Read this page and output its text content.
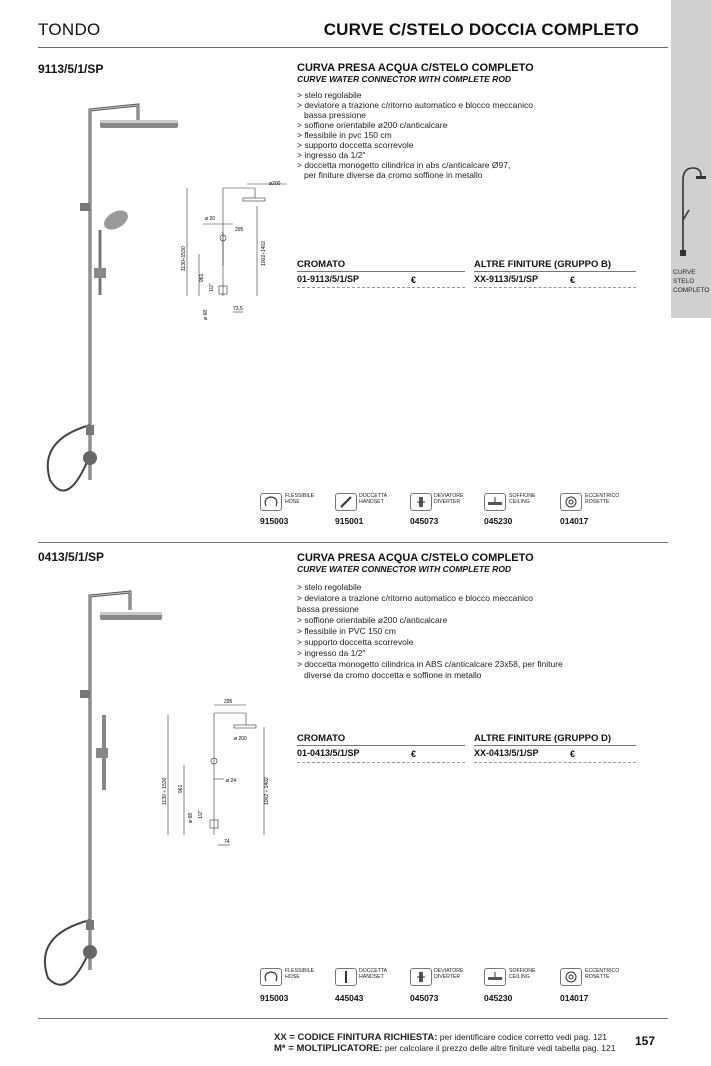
TONDO	CURVE C/STELO DOCCIA COMPLETO
CURVE
STELO
COMPLETO
9113/5/1/SP
ø200
ø 20
295
1130÷1530	1002÷1402
961
1/2"
ø 68
73,5
CURVA PRESA ACQUA C/STELO COMPLETO
CURVE WATER CONNECTOR WITH COMPLETE ROD
> stelo regolabile
> deviatore a trazione c/ritorno automatico e blocco meccanico
bassa pressione
> soffione orientabile ø200 c/anticalcare
> flessibile in pvc 150 cm
> supporto doccetta scorrevole
> ingresso da 1/2"
> doccetta monogetto cilindrica in abs c/anticalcare Ø97,
per finiture diverse da cromo soffione in metallo
CROMATO
01-9113/5/1/SP	€
ALTRE FINITURE (GRUPPO B)
XX-9113/5/1/SP	€
FLESSIBILE
HOSE
915003
DOCCETTA
HANDSET
915001
DEVIATORE
DIVERTER
045073
SOFFIONE
CEILING
045230
ECCENTRICO
ROSETTE
014017
0413/5/1/SP
295
ø 200
ø 24
1130 ÷ 1530	1002 ÷ 1402
961
1/2"
ø 68
74
CURVA PRESA ACQUA C/STELO COMPLETO
CURVE WATER CONNECTOR WITH COMPLETE ROD
> stelo regolabile
> deviatore a trazione c/ritorno automatico e blocco meccanico
bassa pressione
> soffione orientabile ø200 c/anticalcare
> flessibile in PVC 150 cm
> supporto doccetta scorrevole
> ingresso da 1/2"
> doccetta monogetto cilindrica in ABS c/anticalcare 23x58, per finiture
diverse da cromo doccetta e soffione in metallo
CROMATO
01-0413/5/1/SP	€
ALTRE FINITURE (GRUPPO D)
XX-0413/5/1/SP	€
FLESSIBILE
HOSE
915003
DOCCETTA
HANDSET
445043
DEVIATORE
DIVERTER
045073
SOFFIONE
CEILING
045230
ECCENTRICO
ROSETTE
014017
XX = CODICE FINITURA RICHIESTA: per identificare codice corretto vedi pag. 121
M* = MOLTIPLICATORE: per calcolare il prezzo delle altre finiture vedi tabella pag. 121 157
